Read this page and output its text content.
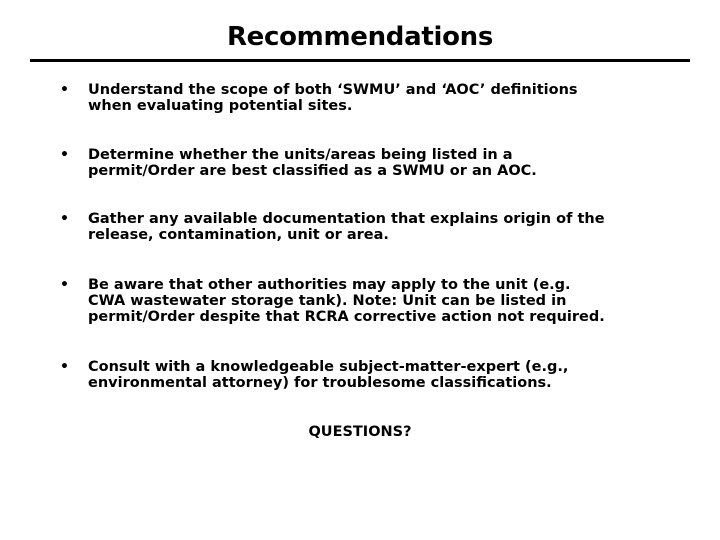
Recommendations
• Understand the scope of both ‘SWMU’ and ‘AOC’ definitions
when evaluating potential sites.
• Determine whether the units/areas being listed in a
permit/Order are best classified as a SWMU or an AOC.
• Gather any available documentation that explains origin of the
release, contamination, unit or area.
• Be aware that other authorities may apply to the unit (e.g.
CWA wastewater storage tank). Note: Unit can be listed in
permit/Order despite that RCRA corrective action not required.
• Consult with a knowledgeable subject-matter-expert (e.g.,
environmental attorney) for troublesome classifications.
QUESTIONS?
